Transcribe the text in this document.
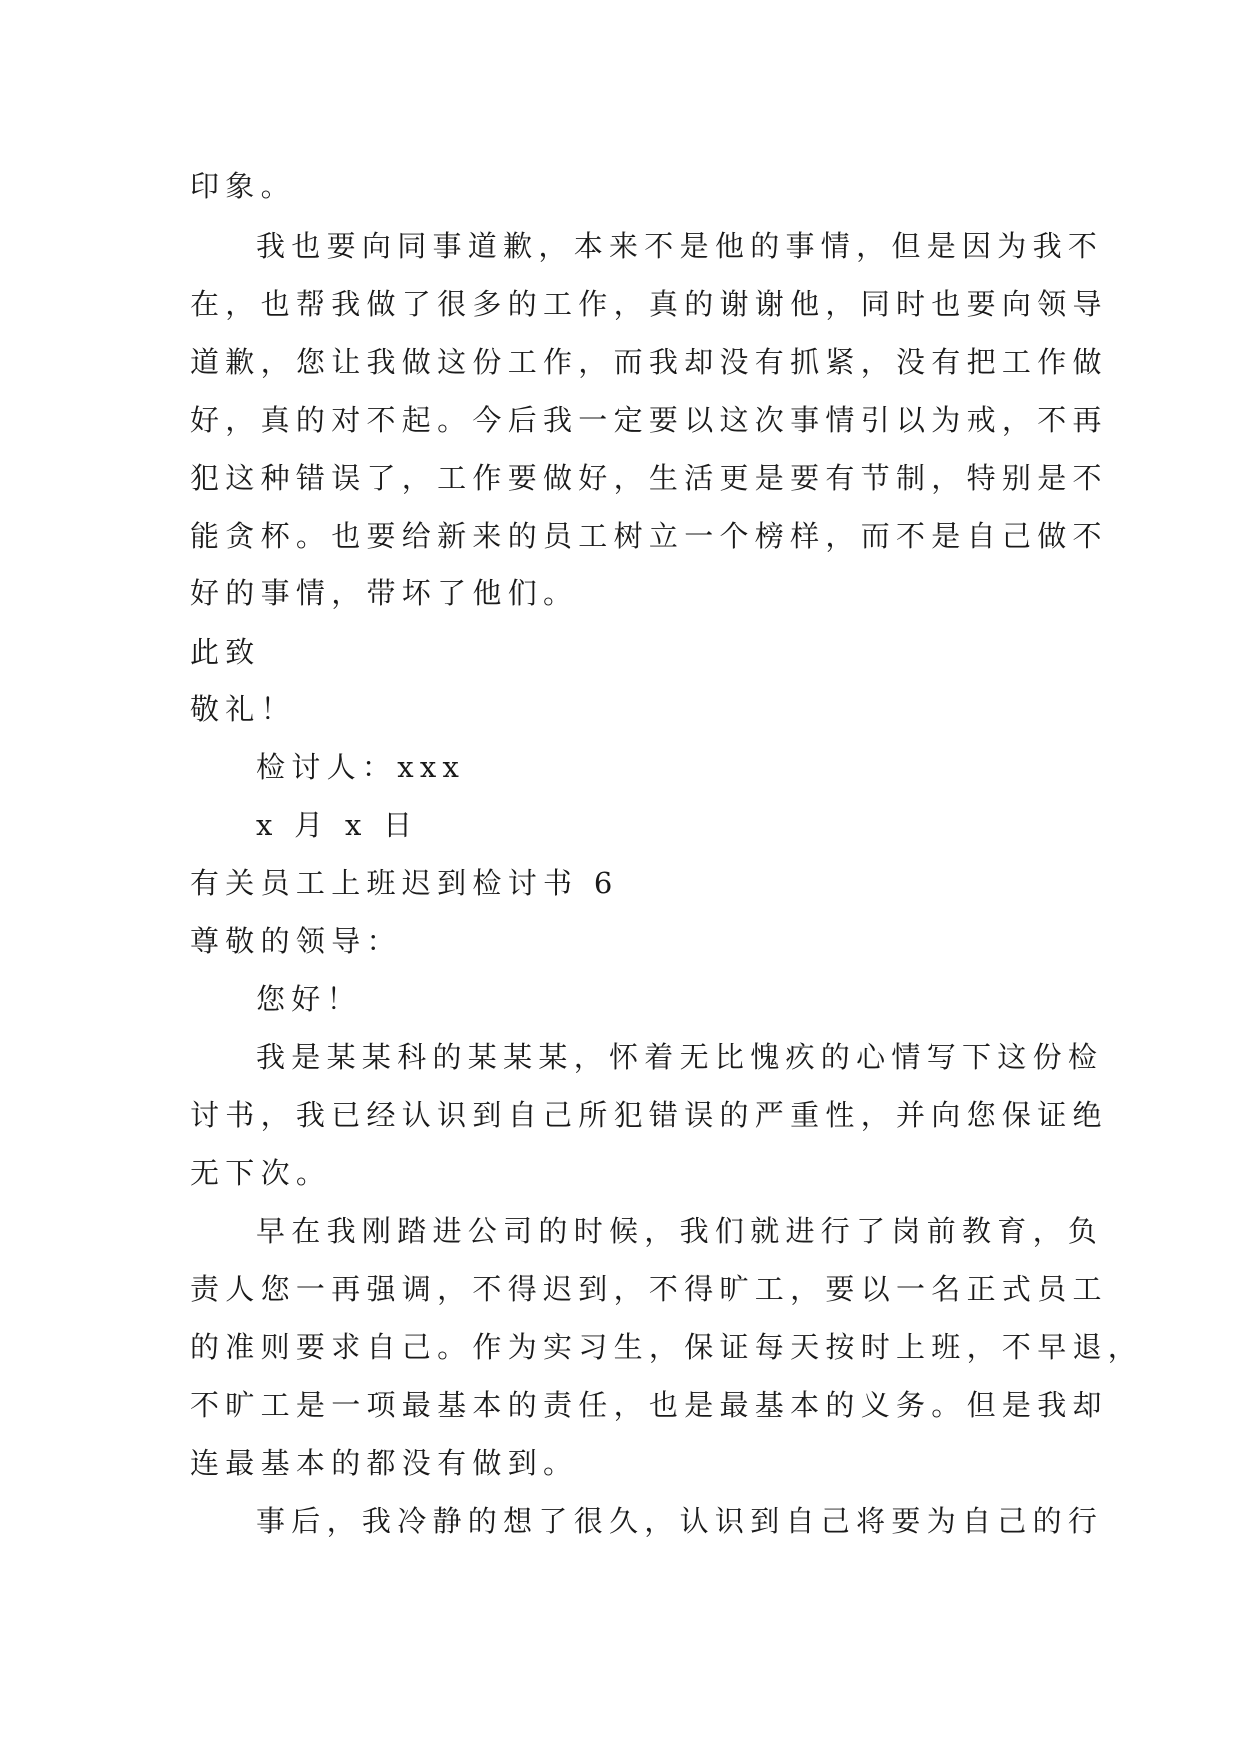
印象。

我也要向同事道歉，本来不是他的事情，但是因为我不

在，也帮我做了很多的工作，真的谢谢他，同时也要向领导

道歉，您让我做这份工作，而我却没有抓紧，没有把工作做

好，真的对不起。今后我一定要以这次事情引以为戒，不再

犯这种错误了，工作要做好，生活更是要有节制，特别是不

能贪杯。也要给新来的员工树立一个榜样，而不是自己做不

好的事情，带坏了他们。

此致

敬礼！

检讨人：xxx

x 月 x 日

有关员工上班迟到检讨书 6

尊敬的领导：

您好！

我是某某科的某某某，怀着无比愧疚的心情写下这份检

讨书，我已经认识到自己所犯错误的严重性，并向您保证绝

无下次。

早在我刚踏进公司的时候，我们就进行了岗前教育，负

责人您一再强调，不得迟到，不得旷工，要以一名正式员工

的准则要求自己。作为实习生，保证每天按时上班，不早退，

不旷工是一项最基本的责任，也是最基本的义务。但是我却

连最基本的都没有做到。

事后，我冷静的想了很久，认识到自己将要为自己的行
